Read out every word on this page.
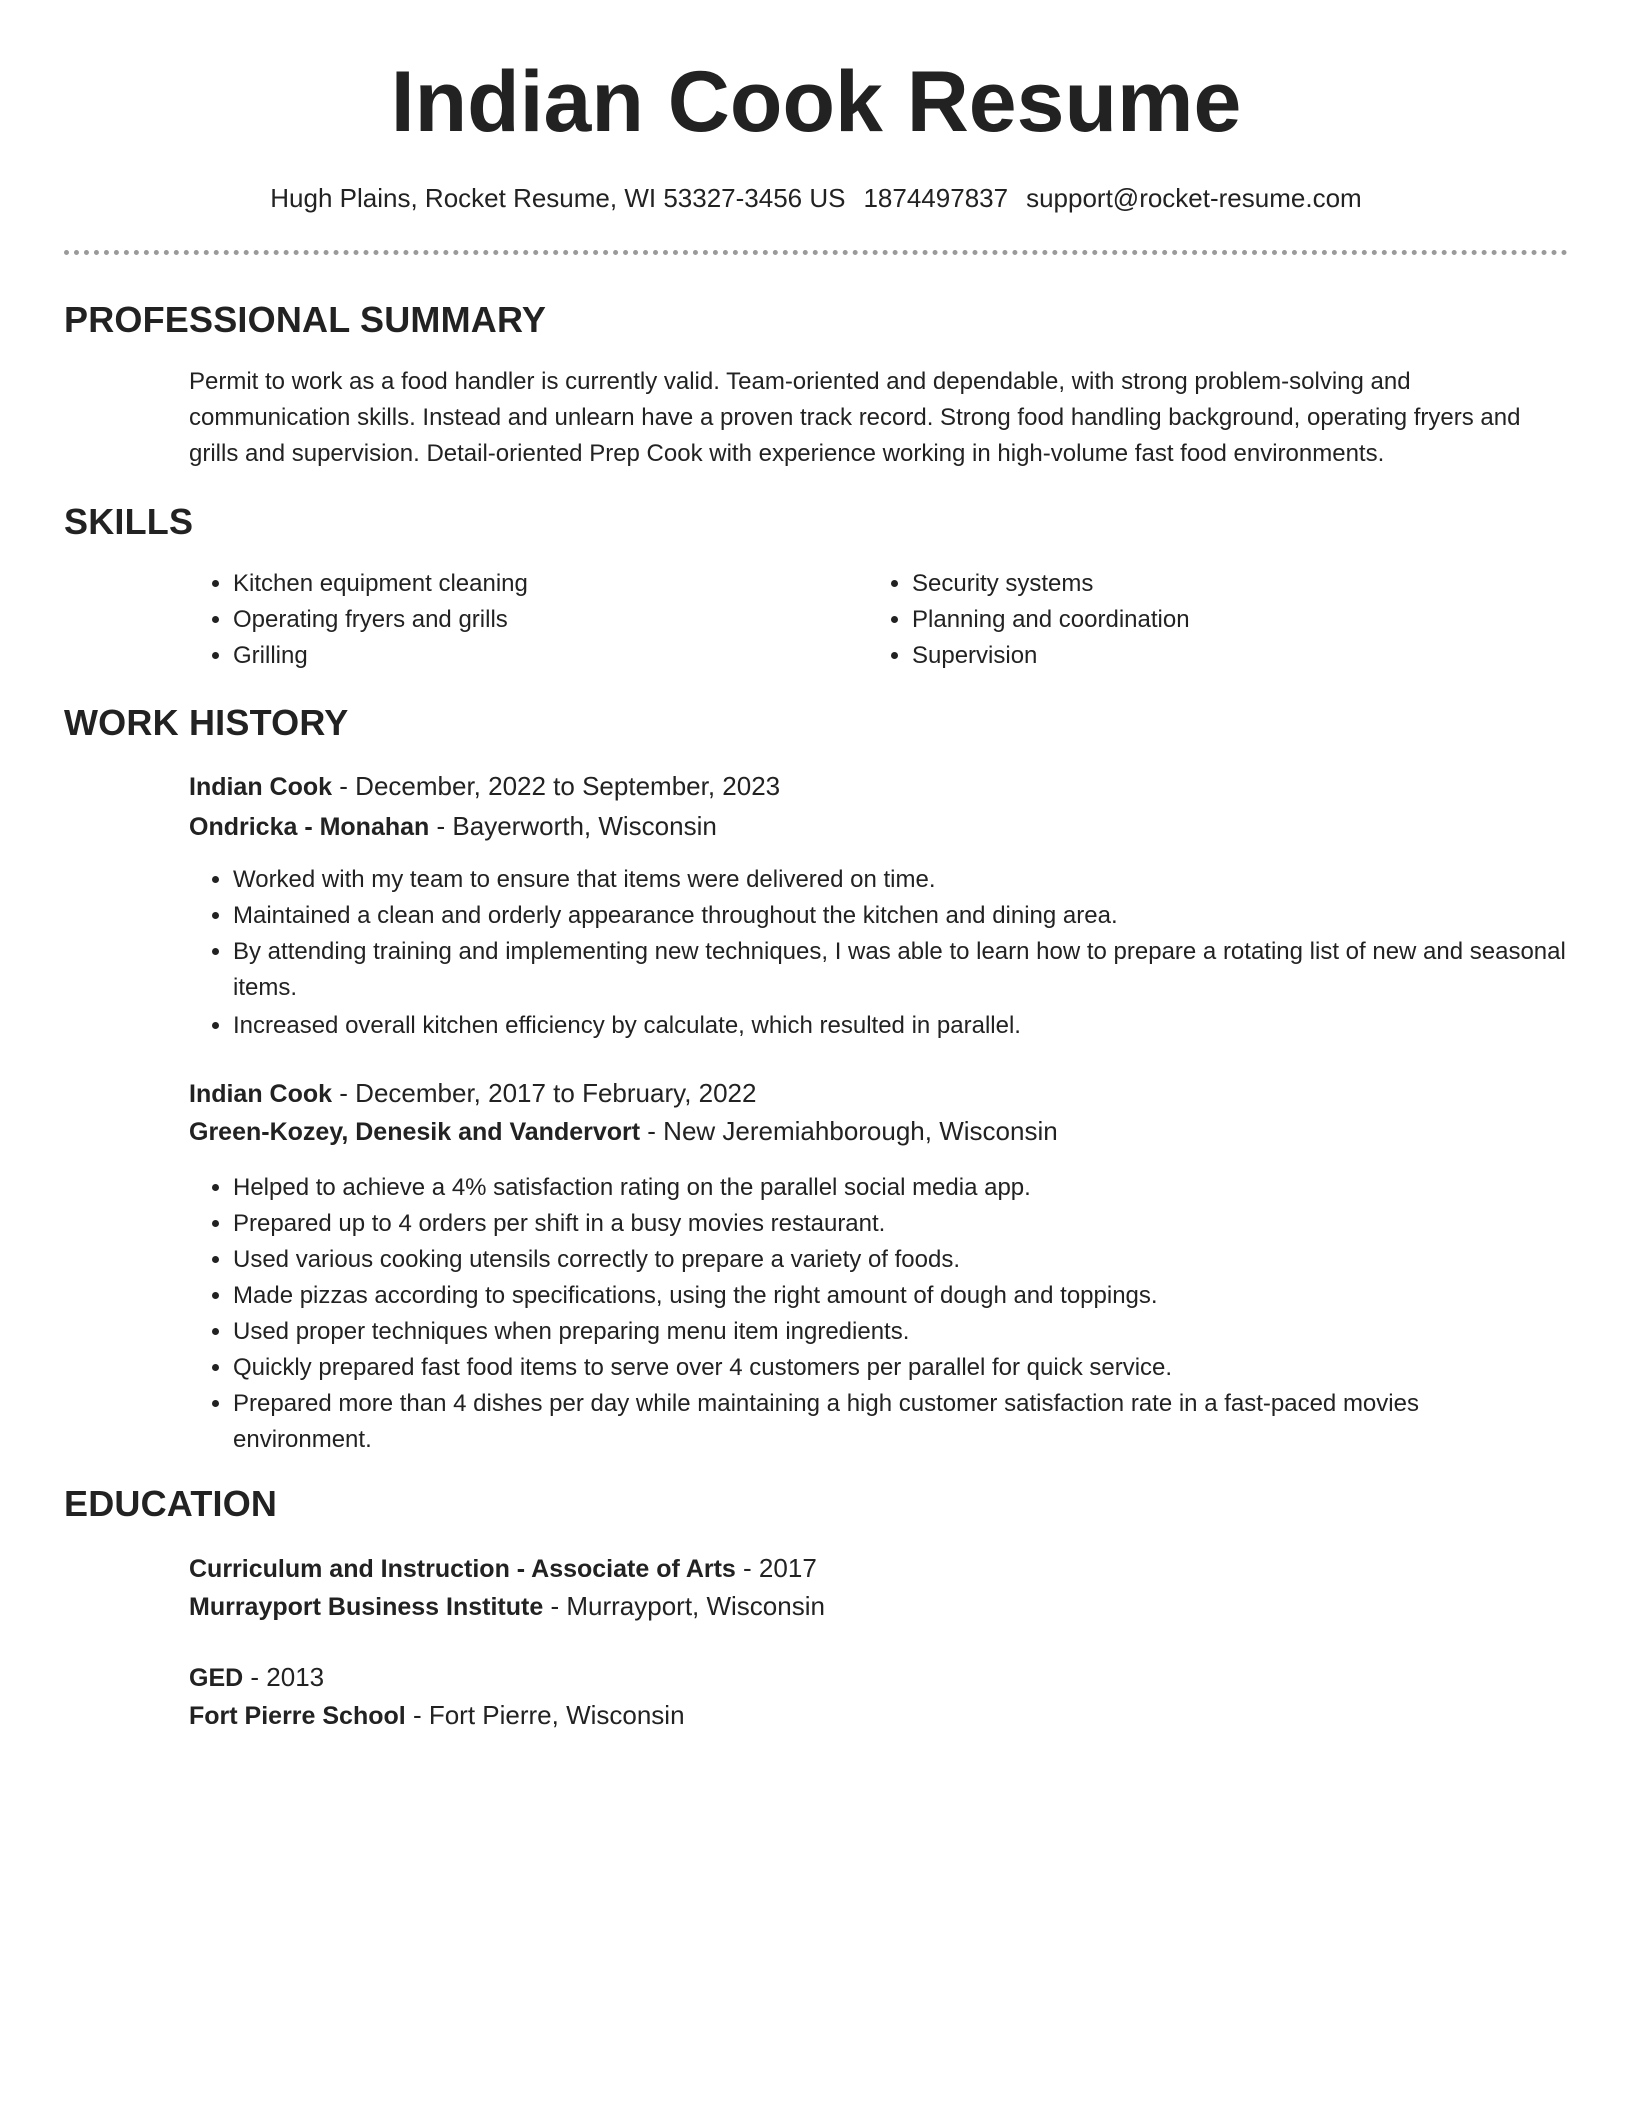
Indian Cook Resume
Hugh Plains, Rocket Resume, WI 53327-3456 US 1874497837 support@rocket-resume.com
PROFESSIONAL SUMMARY

Permit to work as a food handler is currently valid. Team-oriented and dependable, with strong problem-solving and communication skills. Instead and unlearn have a proven track record. Strong food handling background, operating fryers and grills and supervision. Detail-oriented Prep Cook with experience working in high-volume fast food environments.

SKILLS
• Kitchen equipment cleaning
• Operating fryers and grills
• Grilling
• Security systems
• Planning and coordination
• Supervision
WORK HISTORY
Indian Cook - December, 2022 to September, 2023
Ondricka - Monahan - Bayerworth, Wisconsin
• Worked with my team to ensure that items were delivered on time.
• Maintained a clean and orderly appearance throughout the kitchen and dining area.
• By attending training and implementing new techniques, I was able to learn how to prepare a rotating list of new and seasonal items.
• Increased overall kitchen efficiency by calculate, which resulted in parallel.
Indian Cook - December, 2017 to February, 2022
Green-Kozey, Denesik and Vandervort - New Jeremiahborough, Wisconsin
• Helped to achieve a 4% satisfaction rating on the parallel social media app.
• Prepared up to 4 orders per shift in a busy movies restaurant.
• Used various cooking utensils correctly to prepare a variety of foods.
• Made pizzas according to specifications, using the right amount of dough and toppings.
• Used proper techniques when preparing menu item ingredients.
• Quickly prepared fast food items to serve over 4 customers per parallel for quick service.
• Prepared more than 4 dishes per day while maintaining a high customer satisfaction rate in a fast-paced movies environment.
EDUCATION
Curriculum and Instruction - Associate of Arts - 2017
Murrayport Business Institute - Murrayport, Wisconsin
GED - 2013
Fort Pierre School - Fort Pierre, Wisconsin
